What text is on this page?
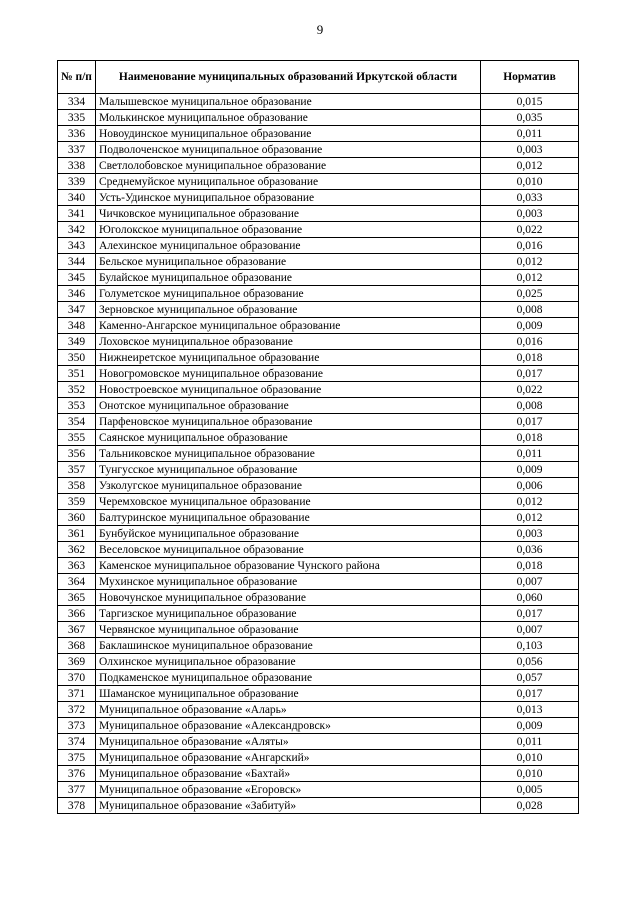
9
№ п/п	Наименование муниципальных образований Иркутской области	Норматив
334	Малышевское муниципальное образование	0,015
335	Молькинское муниципальное образование	0,035
336	Новоудинское муниципальное образование	0,011
337	Подволоченское муниципальное образование	0,003
338	Светлолобовское муниципальное образование	0,012
339	Среднемуйское муниципальное образование	0,010
340	Усть-Удинское муниципальное образование	0,033
341	Чичковское муниципальное образование	0,003
342	Юголокское муниципальное образование	0,022
343	Алехинское муниципальное образование	0,016
344	Бельское муниципальное образование	0,012
345	Булайское муниципальное образование	0,012
346	Голуметское муниципальное образование	0,025
347	Зерновское муниципальное образование	0,008
348	Каменно-Ангарское муниципальное образование	0,009
349	Лоховское муниципальное образование	0,016
350	Нижнеиретское муниципальное образование	0,018
351	Новогромовское муниципальное образование	0,017
352	Новостроевское муниципальное образование	0,022
353	Онотское муниципальное образование	0,008
354	Парфеновское муниципальное образование	0,017
355	Саянское муниципальное образование	0,018
356	Тальниковское муниципальное образование	0,011
357	Тунгусское муниципальное образование	0,009
358	Узколугское муниципальное образование	0,006
359	Черемховское муниципальное образование	0,012
360	Балтуринское муниципальное образование	0,012
361	Бунбуйское муниципальное образование	0,003
362	Веселовское муниципальное образование	0,036
363	Каменское муниципальное образование Чунского района	0,018
364	Мухинское муниципальное образование	0,007
365	Новочунское муниципальное образование	0,060
366	Таргизское муниципальное образование	0,017
367	Червянское муниципальное образование	0,007
368	Баклашинское муниципальное образование	0,103
369	Олхинское муниципальное образование	0,056
370	Подкаменское муниципальное образование	0,057
371	Шаманское муниципальное образование	0,017
372	Муниципальное образование «Аларь»	0,013
373	Муниципальное образование «Александровск»	0,009
374	Муниципальное образование «Аляты»	0,011
375	Муниципальное образование «Ангарский»	0,010
376	Муниципальное образование «Бахтай»	0,010
377	Муниципальное образование «Егоровск»	0,005
378	Муниципальное образование «Забитуй»	0,028
